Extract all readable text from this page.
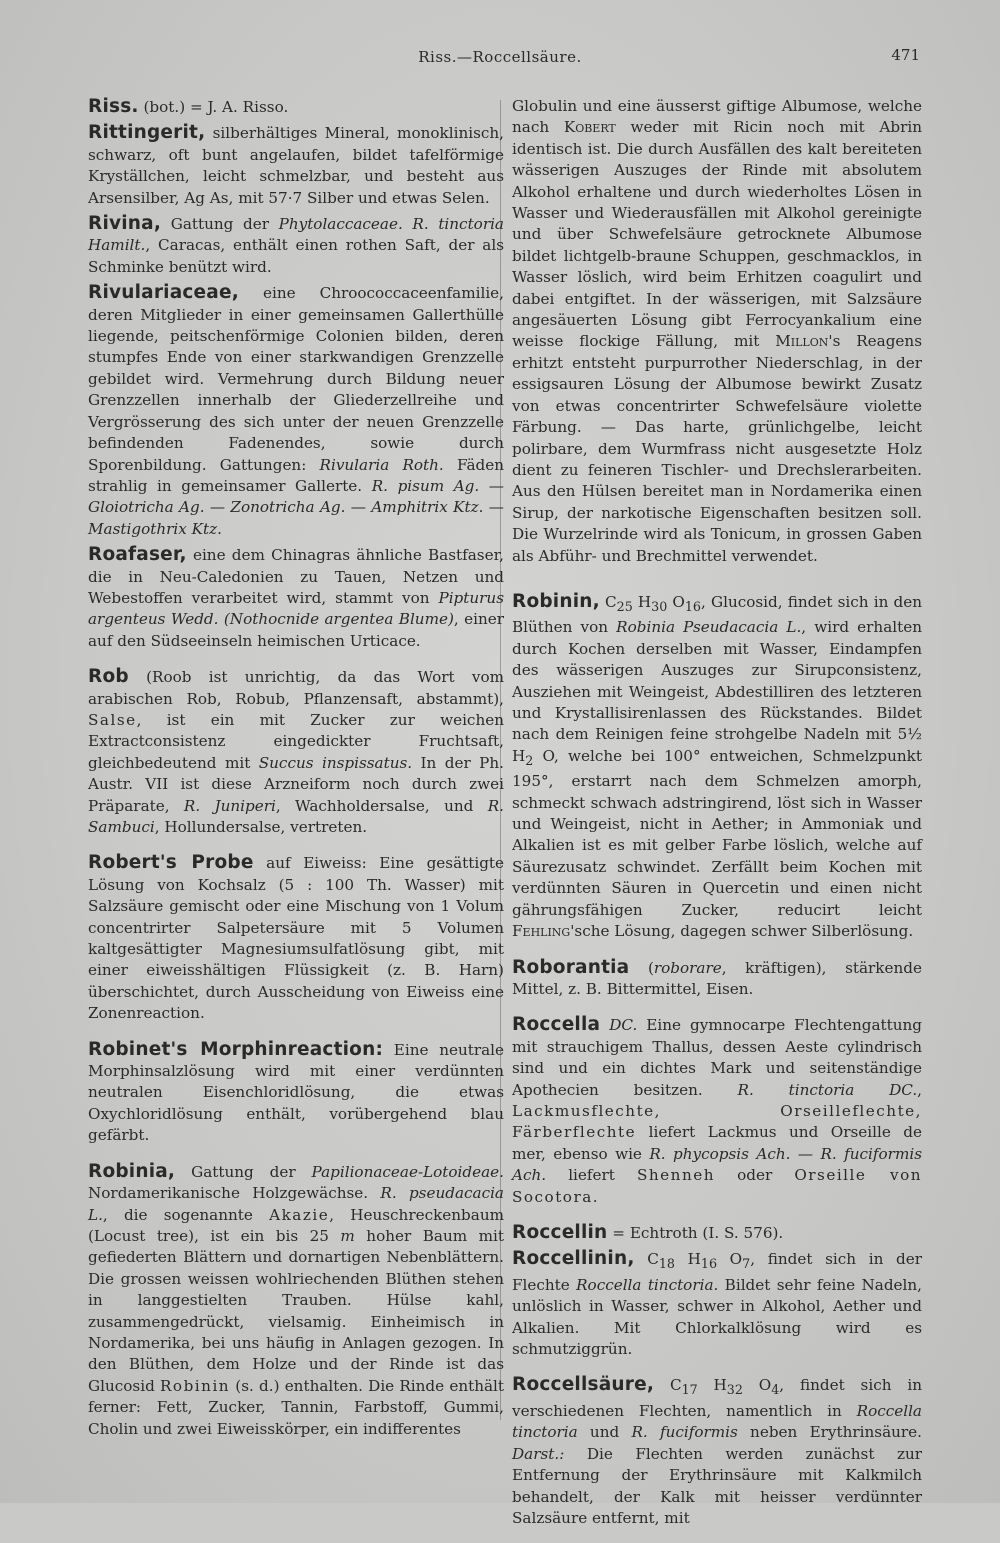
Riss.—Roccellsäure.	471

Riss. (bot.) = J. A. Risso.

Rittingerit, silberhältiges Mineral, monoklinisch, schwarz, oft bunt angelaufen, bildet tafelförmige Kryställchen, leicht schmelzbar, und besteht aus Arsensilber, Ag As, mit 57·7 Silber und etwas Selen.

Rivina, Gattung der Phytolaccaceae. R. tinctoria Hamilt., Caracas, enthält einen rothen Saft, der als Schminke benützt wird.

Rivulariaceae, eine Chroococcaceenfamilie, deren Mitglieder in einer gemeinsamen Gallerthülle liegende, peitschenförmige Colonien bilden, deren stumpfes Ende von einer starkwandigen Grenzzelle gebildet wird. Vermehrung durch Bildung neuer Grenzzellen innerhalb der Gliederzellreihe und Vergrösserung des sich unter der neuen Grenzzelle befindenden Fadenendes, sowie durch Sporenbildung. Gattungen: Rivularia Roth. Fäden strahlig in gemeinsamer Gallerte. R. pisum Ag. — Gloiotricha Ag. — Zonotricha Ag. — Amphitrix Ktz. — Mastigothrix Ktz.

Roafaser, eine dem Chinagras ähnliche Bastfaser, die in Neu-Caledonien zu Tauen, Netzen und Webestoffen verarbeitet wird, stammt von Pipturus argenteus Wedd. (Nothocnide argentea Blume), einer auf den Südseeinseln heimischen Urticace.

Rob (Roob ist unrichtig, da das Wort vom arabischen Rob, Robub, Pflanzensaft, abstammt), Salse, ist ein mit Zucker zur weichen Extractconsistenz eingedickter Fruchtsaft, gleichbedeutend mit Succus inspissatus. In der Ph. Austr. VII ist diese Arzneiform noch durch zwei Präparate, R. Juniperi, Wachholdersalse, und R. Sambuci, Hollundersalse, vertreten.

Robert's Probe auf Eiweiss: Eine gesättigte Lösung von Kochsalz (5 : 100 Th. Wasser) mit Salzsäure gemischt oder eine Mischung von 1 Volum concentrirter Salpetersäure mit 5 Volumen kaltgesättigter Magnesiumsulfatlösung gibt, mit einer eiweisshältigen Flüssigkeit (z. B. Harn) überschichtet, durch Ausscheidung von Eiweiss eine Zonenreaction.

Robinet's Morphinreaction: Eine neutrale Morphinsalzlösung wird mit einer verdünnten neutralen Eisenchloridlösung, die etwas Oxychloridlösung enthält, vorübergehend blau gefärbt.

Robinia, Gattung der Papilionaceae-Lotoideae. Nordamerikanische Holzgewächse. R. pseudacacia L., die sogenannte Akazie, Heuschreckenbaum (Locust tree), ist ein bis 25 m hoher Baum mit gefiederten Blättern und dornartigen Nebenblättern. Die grossen weissen wohlriechenden Blüthen stehen in langgestielten Trauben. Hülse kahl, zusammengedrückt, vielsamig. Einheimisch in Nordamerika, bei uns häufig in Anlagen gezogen. In den Blüthen, dem Holze und der Rinde ist das Glucosid Robinin (s. d.) enthalten. Die Rinde enthält ferner: Fett, Zucker, Tannin, Farbstoff, Gummi, Cholin und zwei Eiweisskörper, ein indifferentes

Globulin und eine äusserst giftige Albumose, welche nach Kobert weder mit Ricin noch mit Abrin identisch ist. Die durch Ausfällen des kalt bereiteten wässerigen Auszuges der Rinde mit absolutem Alkohol erhaltene und durch wiederholtes Lösen in Wasser und Wiederausfällen mit Alkohol gereinigte und über Schwefelsäure getrocknete Albumose bildet lichtgelb-braune Schuppen, geschmacklos, in Wasser löslich, wird beim Erhitzen coagulirt und dabei entgiftet. In der wässerigen, mit Salzsäure angesäuerten Lösung gibt Ferrocyankalium eine weisse flockige Fällung, mit Millon's Reagens erhitzt entsteht purpurrother Niederschlag, in der essigsauren Lösung der Albumose bewirkt Zusatz von etwas concentrirter Schwefelsäure violette Färbung. — Das harte, grünlichgelbe, leicht polirbare, dem Wurmfrass nicht ausgesetzte Holz dient zu feineren Tischler- und Drechslerarbeiten. Aus den Hülsen bereitet man in Nordamerika einen Sirup, der narkotische Eigenschaften besitzen soll. Die Wurzelrinde wird als Tonicum, in grossen Gaben als Abführ- und Brechmittel verwendet.

Robinin, $C_{25}$ $H_{30}$ $O_{16}$, Glucosid, findet sich in den Blüthen von Robinia Pseudacacia L., wird erhalten durch Kochen derselben mit Wasser, Eindampfen des wässerigen Auszuges zur Sirupconsistenz, Ausziehen mit Weingeist, Abdestilliren des letzteren und Krystallisirenlassen des Rückstandes. Bildet nach dem Reinigen feine strohgelbe Nadeln mit 5½ $H_2$ O, welche bei 100° entweichen, Schmelzpunkt 195°, erstarrt nach dem Schmelzen amorph, schmeckt schwach adstringirend, löst sich in Wasser und Weingeist, nicht in Aether; in Ammoniak und Alkalien ist es mit gelber Farbe löslich, welche auf Säurezusatz schwindet. Zerfällt beim Kochen mit verdünnten Säuren in Quercetin und einen nicht gährungsfähigen Zucker, reducirt leicht Fehling'sche Lösung, dagegen schwer Silberlösung.

Roborantia (roborare, kräftigen), stärkende Mittel, z. B. Bittermittel, Eisen.

Roccella DC. Eine gymnocarpe Flechtengattung mit strauchigem Thallus, dessen Aeste cylindrisch sind und ein dichtes Mark und seitenständige Apothecien besitzen. R. tinctoria DC., Lackmusflechte, Orseilleflechte, Färberflechte liefert Lackmus und Orseille de mer, ebenso wie R. phycopsis Ach. — R. fuciformis Ach. liefert Shenneh oder Orseille von Socotora.

Roccellin = Echtroth (I. S. 576).

Roccellinin, $C_{18}$ $H_{16}$ $O_7$, findet sich in der Flechte Roccella tinctoria. Bildet sehr feine Nadeln, unlöslich in Wasser, schwer in Alkohol, Aether und Alkalien. Mit Chlorkalklösung wird es schmutziggrün.

Roccellsäure, $C_{17}$ $H_{32}$ $O_4$, findet sich in verschiedenen Flechten, namentlich in Roccella tinctoria und R. fuciformis neben Erythrinsäure. Darst.: Die Flechten werden zunächst zur Entfernung der Erythrinsäure mit Kalkmilch behandelt, der Kalk mit heisser verdünnter Salzsäure entfernt, mit
